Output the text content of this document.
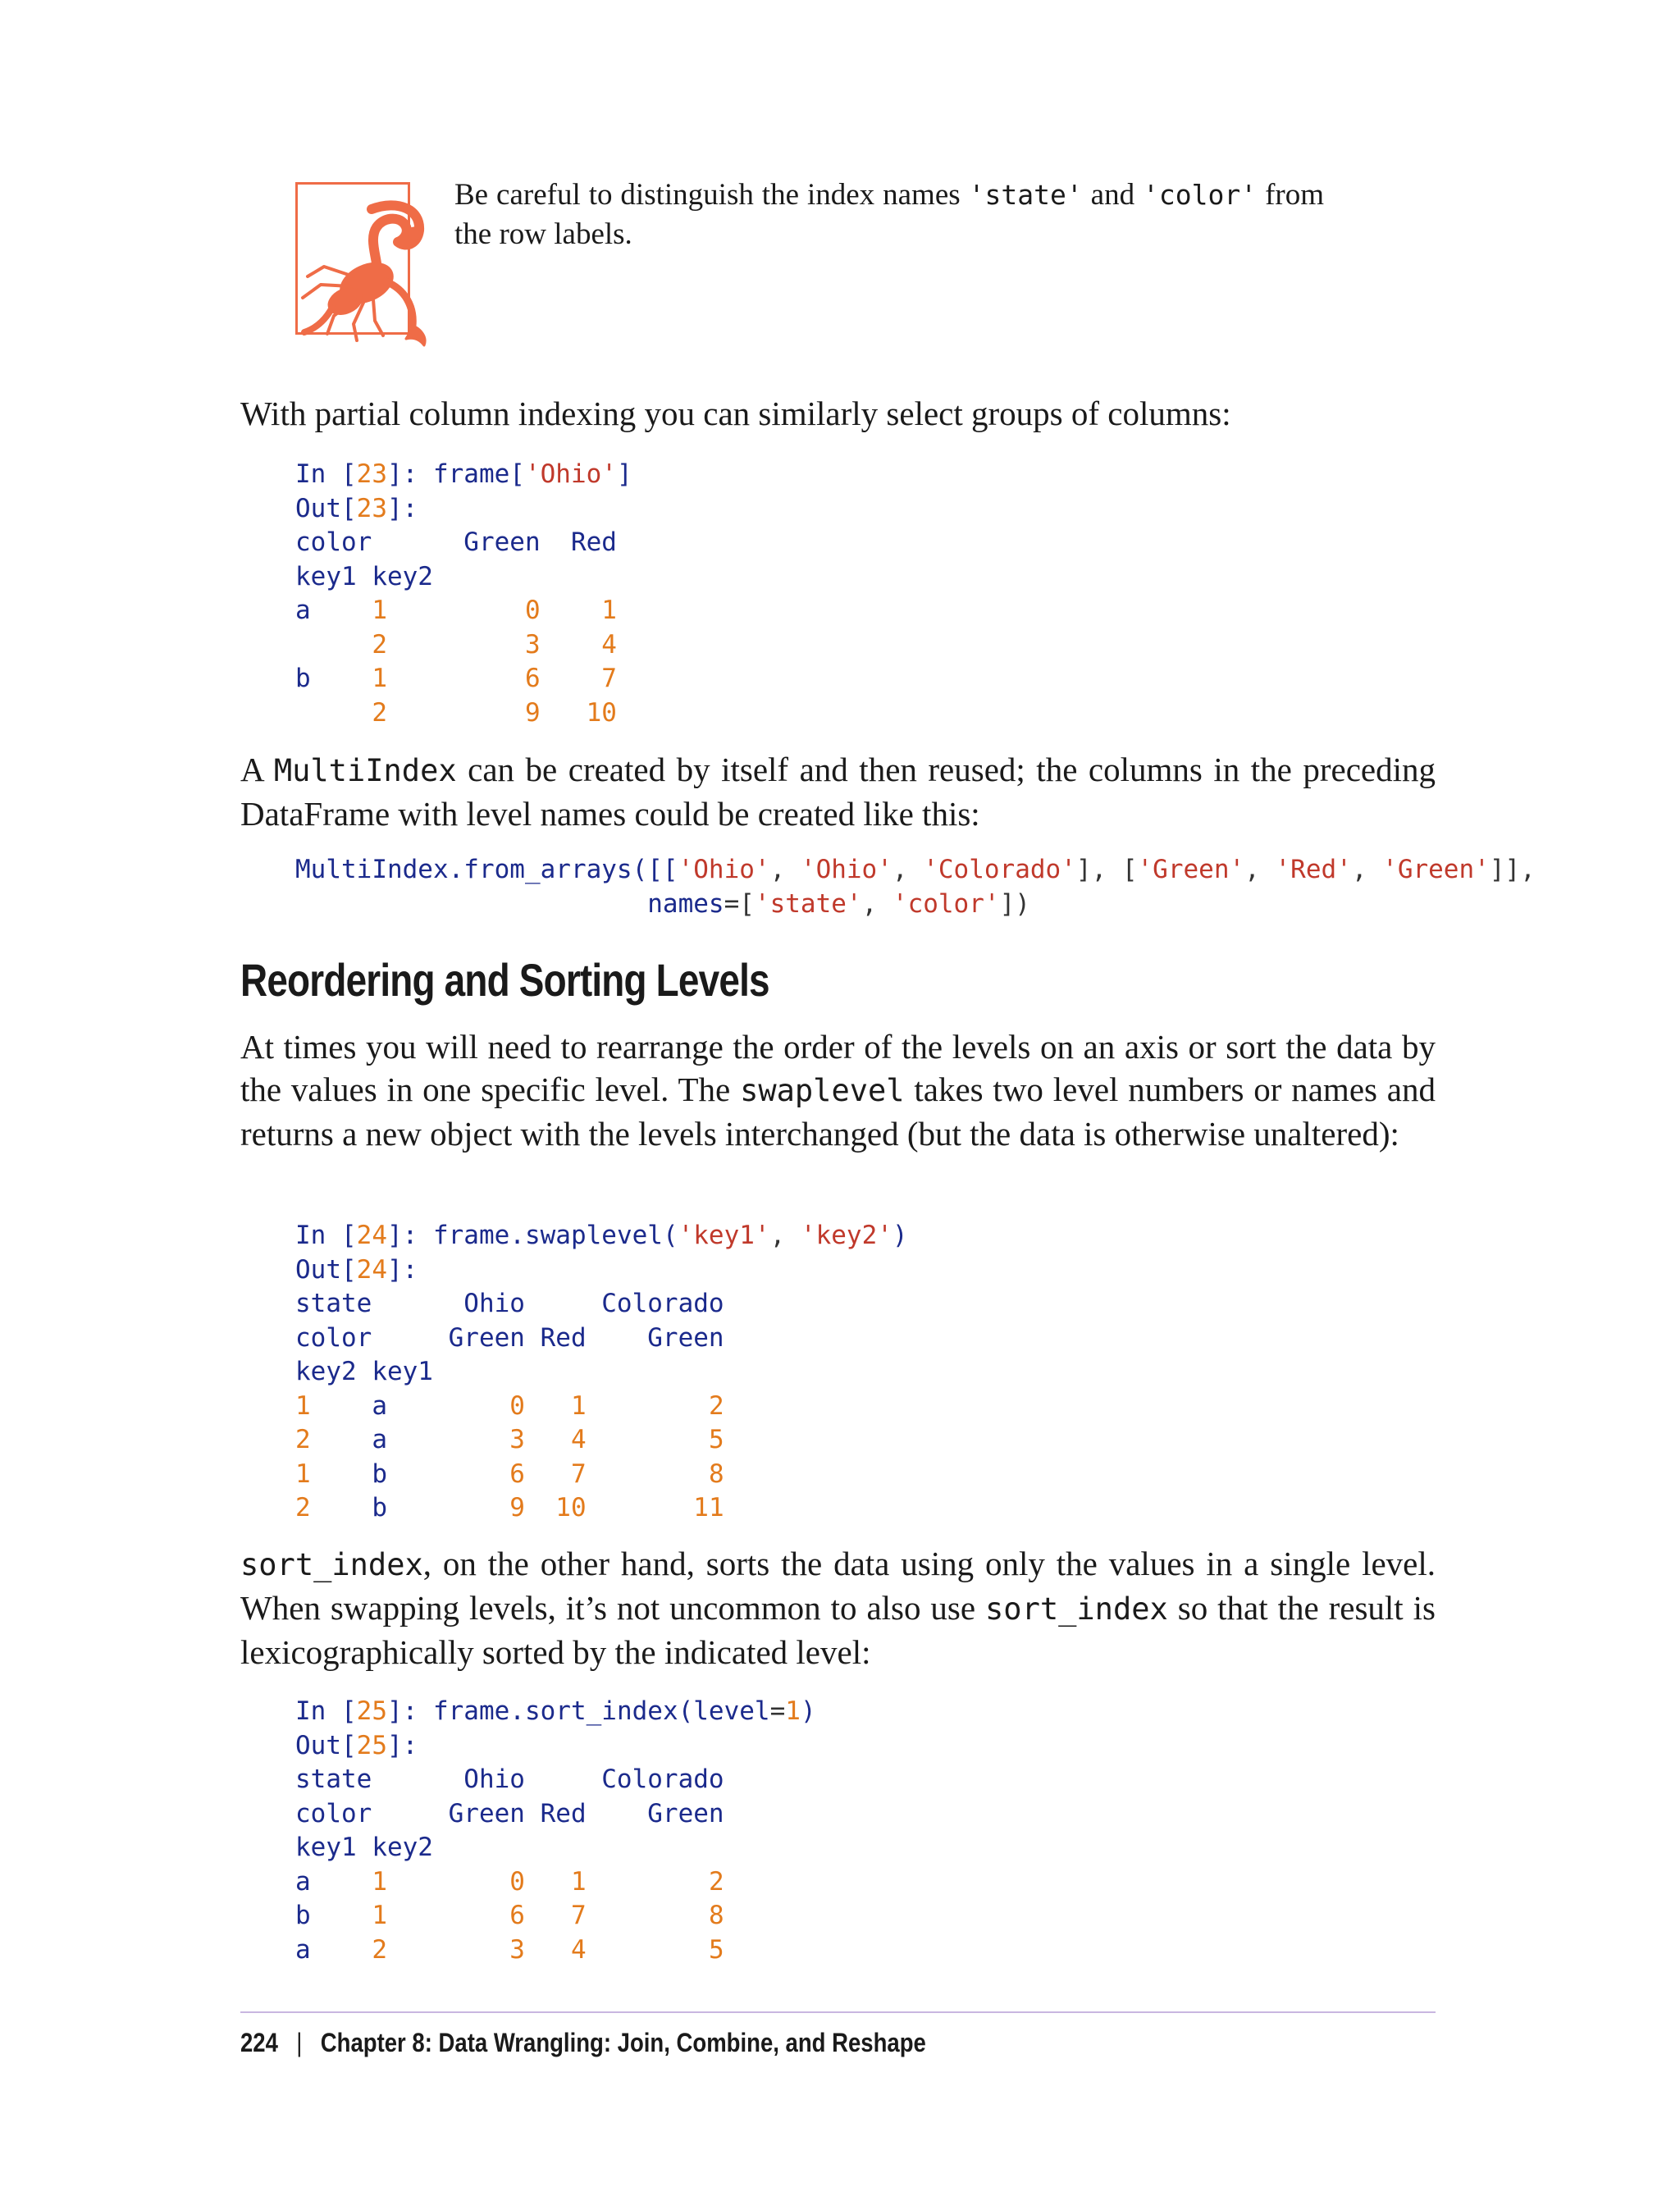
Be careful to distinguish the index names 'state' and 'color' from the row labels.
With partial column indexing you can similarly select groups of columns:
In [23]: frame['Ohio']
Out[23]:
color      Green  Red
key1 key2
a    1         0    1
2         3    4
b    1         6    7
2         9   10
A MultiIndex can be created by itself and then reused; the columns in the preceding DataFrame with level names could be created like this:
MultiIndex.from_arrays([['Ohio', 'Ohio', 'Colorado'], ['Green', 'Red', 'Green']],
names=['state', 'color'])
Reordering and Sorting Levels
At times you will need to rearrange the order of the levels on an axis or sort the data by the values in one specific level. The swaplevel takes two level numbers or names and returns a new object with the levels interchanged (but the data is otherwise unaltered):
In [24]: frame.swaplevel('key1', 'key2')
Out[24]:
state      Ohio     Colorado
color     Green Red    Green
key2 key1
1    a        0   1        2
2    a        3   4        5
1    b        6   7        8
2    b        9  10       11
sort_index, on the other hand, sorts the data using only the values in a single level. When swapping levels, it’s not uncommon to also use sort_index so that the result is lexicographically sorted by the indicated level:
In [25]: frame.sort_index(level=1)
Out[25]:
state      Ohio     Colorado
color     Green Red    Green
key1 key2
a    1        0   1        2
b    1        6   7        8
a    2        3   4        5
224 | Chapter 8: Data Wrangling: Join, Combine, and Reshape
